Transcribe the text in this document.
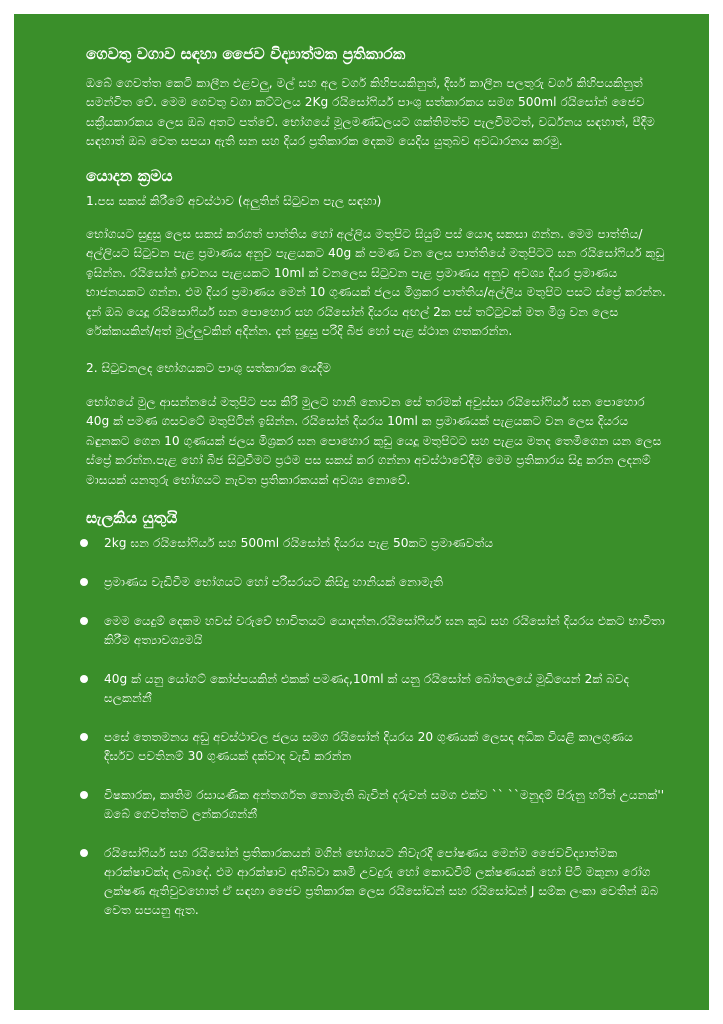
ගෙවතු වගාව සඳහා ජෛව විද්‍යාත්මක ප්‍රතිකාරක

ඔබේ ගෙවත්ත කෙටි කාලීන එළවලු, මල් සහ අල වර්ග කිහිපයකිනුත්, දීර්ඝ කාලීන පලතුරු වර්ග කිහිපයකිනුත් සමන්විත වේ. මෙම ගෙවතු වගා කට්ටලය 2Kg රයිසෝෆියර් පාංශු සත්කාරකය සමග 500ml රයිසෝන් ජෛව සක්‍රීයකාරකය ලෙස ඔබ අතට පත්වේ. භෝගයේ මූලමණ්ඩලයට ශක්තිමත්ව පැලවීමටත්, වර්ධනය සඳහාත්, පීදීම සඳහාත් ඔබ වෙත සපයා ඇති ඝන සහ දියර ප්‍රතිකාරක දෙකම යෙදිය යුතුබව අවධාරනය කරමු.

යොදන ක්‍රමය

1.පස සකස් කිරීමේ අවස්ථාව (අලුතින් සිටුවන පැල සඳහා)

භෝගයට සුදුසු ලෙස සකස් කරගත් පාත්තිය හෝ අල්ලිය මතුපිට සියුම් පස් යොදා සකසා ගන්න. මෙම පාත්තිය/අල්ලියට සිටුවන පැළ ප්‍රමාණය අනුව පැළයකට 40g ක් පමණ වන ලෙස පාත්තියේ මතුපිටට ඝන රයිසෝෆියර් කුඩු ඉසින්න. රයිසෝන් ද්‍රාවනය පැළයකට 10ml ක් වනලෙස සිටුවන පැළ ප්‍රමාණය අනුව අවශ්‍ය දියර ප්‍රමාණය භාජනයකට ගන්න. එම දියර ප්‍රමාණය මෙන් 10 ගුණයක් ජලය මිශ්‍රකර පාත්තිය/අල්ලිය මතුපිට පසට ස්ප්‍රේ කරන්න. දැන් ඔබ යෙදූ රයිසොෆියර් ඝන පොහොර සහ රයිසෝන් දියරය අඟල් 2ක පස් තට්ටුවක් මත මිශ්‍ර වන ලෙස රේක්කයකින්/අත් මුල්ලුවකින් අදින්න. දැන් සුදුසු පරිදි බීජ හෝ පැළ ස්ථාන ගතකරන්න.

2. සිටුවනලද භෝගයකට පාංශු සත්කාරක යෙදීම

භෝගයේ මුල ආසන්නයේ මතුපිට පස කිරි මුලට හානි නොවන සේ තරමක් අවුස්සා රයිසෝෆියර් ඝන පොහොර 40g ක් පමණ ගසවටේ මතුපිටින් ඉසින්න. රයිසෝන් දියරය 10ml ක ප්‍රමාණයක් පැළයකට වන ලෙස දියරය බඳුනකට ගෙන 10 ගුණයක් ජලය මිශ්‍රකර ඝන පොහොර කුඩු යෙදූ මතුපිටට සහ පැළය මතද තෙමීගෙන යන ලෙස ස්ප්‍රේ කරන්න.පැළ හෝ බීජ සිටුවීමට ප්‍රථම පස සකස් කර ගන්නා අවස්ථාවේදීම මෙම ප්‍රතිකාරය සිදු කරන ලදනම් මාසයක් යනතුරු භෝගයට නැවත ප්‍රතිකාරකයක් අවශ්‍ය නොවේ.

සැලකිය යුතුයි
2kg ඝන රයිසෝෆියර් සහ 500ml රයිසෝන් දියරය පැළ 50කට ප්‍රමාණවත්ය
ප්‍රමාණය වැඩිවීම භෝගයට හෝ පරිසරයට කිසිදු හානියක් නොමැති
මෙම යෙදුම් දෙකම හවස් වරුවේ භාවිතයට යොදන්න.රයිසෝෆියර් ඝන කුඩ සහ රයිසෝන් දියරය එකට භාවිතා කිරීම අත්‍යාවශ්‍යමයි
40g ක් යනු යෝගට් කෝප්පයකින් එකක් පමණද,10ml ක් යනු රයිසෝන් බෝතලයේ මූඩියෙන් 2ක් බවද සලකන්නී
පසේ තෙතමනය අඩු අවස්ථාවල ජලය සමග රයිසෝන් දියරය 20 ගුණයක් ලෙසද අධික වියළි කාලගුණය දීර්ඝව පවතිනම් 30 ගුණයක් දක්වාද වැඩි කරන්න
විෂකාරක, කෘතිම රසායණික අන්තර්ගත නොමැති බැවින් දරුවන් සමග එක්ව `` ``මනුදම් පිරුනු හරිත් උයනක්'' ඔබේ ගෙවත්තට ලන්කරගන්නී
රයිසෝෆියර් සහ රයිසෝන් ප්‍රතිකාරකයන් මගින් භෝගයට නිවැරදි පෝෂණය මෙන්ම ජෛවවිද්‍යාත්මක ආරක්ෂාවක්ද ලබාදේ. එම ආරක්ෂාව අභිබවා කෘමි උවදුරු හෝ කොඩවීම් ලක්ෂණයක් හෝ පිටි මකුනා රෝග ලක්ෂණ ඇතිවුවහොත් ඒ සඳහා ජෛව ප්‍රතිකාරක ලෙස රයිසෝඩන් සහ රයිසෝඩන් J සම්ක ලංකා වෙතින් ඔබ වෙත සපයනු ඇත.
